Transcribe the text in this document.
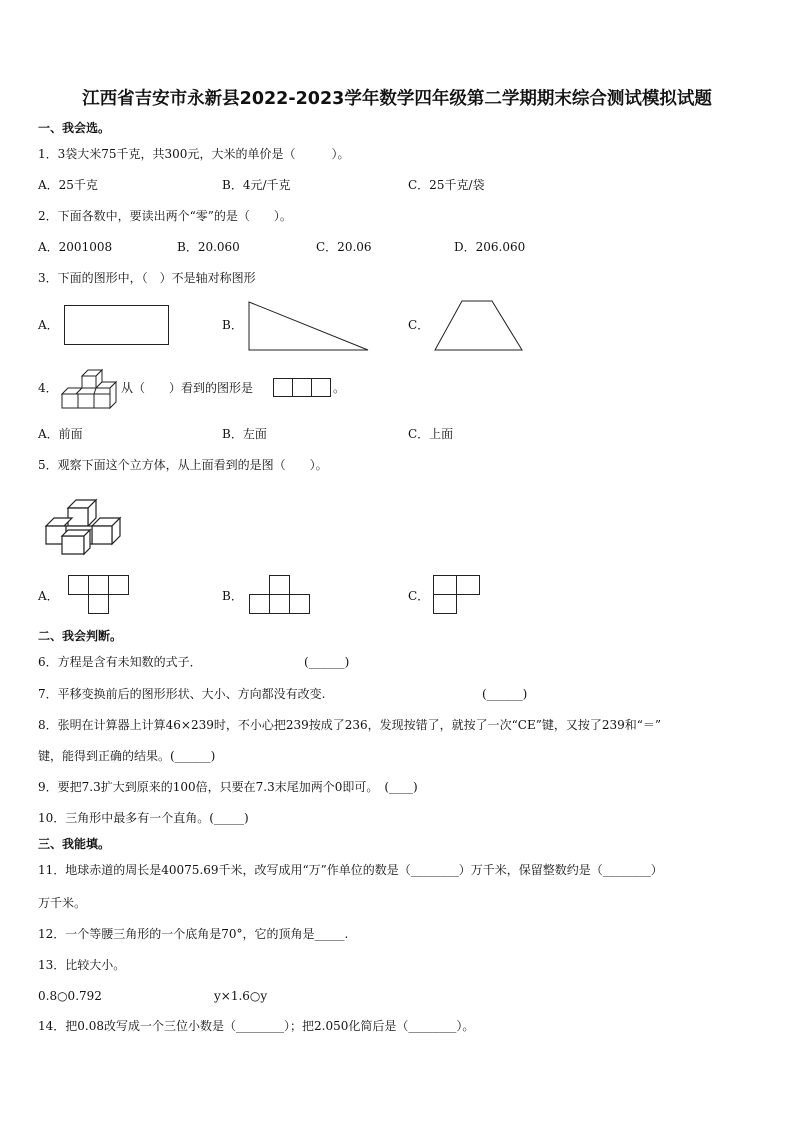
江西省吉安市永新县2022-2023学年数学四年级第二学期期末综合测试模拟试题
一、我会选。
1．3袋大米75千克，共300元，大米的单价是（　　　）。
A．25千克	B．4元/千克	C．25千克/袋
2．下面各数中，要读出两个“零”的是（　　）。
A．2001008	B．20.060	C．20.06	D．206.060
3．下面的图形中，（　）不是轴对称图形
A．	B．	C．
4．	从（　　）看到的图形是	。
A．前面	B．左面	C．上面
5．观察下面这个立方体，从上面看到的是图（　　）。
A．	B．	C．
二、我会判断。
6．方程是含有未知数的式子．	(______)
7．平移变换前后的图形形状、大小、方向都没有改变.	(______)
8．张明在计算器上计算46×239时，不小心把239按成了236，发现按错了，就按了一次“CE”键，又按了239和“＝”
键，能得到正确的结果。(______)
9．要把7.3扩大到原来的100倍，只要在7.3末尾加两个0即可。　(____)
10．三角形中最多有一个直角。(_____)
三、我能填。
11．地球赤道的周长是40075.69千米，改写成用“万”作单位的数是（________）万千米，保留整数约是（________）
万千米。
12．一个等腰三角形的一个底角是70°，它的顶角是_____.
13．比较大小。
0.8○0.792	y×1.6○y
14．把0.08改写成一个三位小数是（________）；把2.050化简后是（________）。
